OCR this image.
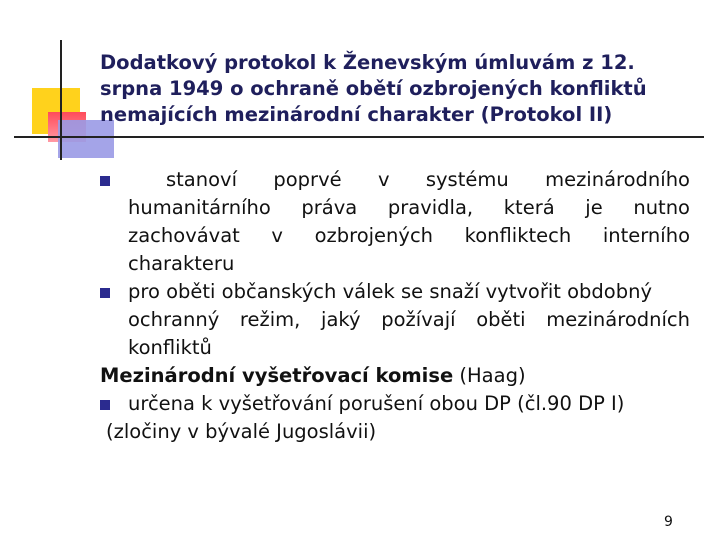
Dodatkový protokol k Ženevským úmluvám z 12.
srpna 1949 o ochraně obětí ozbrojených konfliktů
nemajících mezinárodní charakter (Protokol II)
stanoví poprvé v systému mezinárodního
humanitárního práva pravidla, která je nutno
zachovávat v ozbrojených konfliktech interního
charakteru
pro oběti občanských válek se snaží vytvořit obdobný
ochranný režim, jaký požívají oběti mezinárodních
konfliktů
Mezinárodní vyšetřovací komise (Haag)
určena k vyšetřování porušení obou DP (čl.90 DP I)
(zločiny v bývalé Jugoslávii)
9
